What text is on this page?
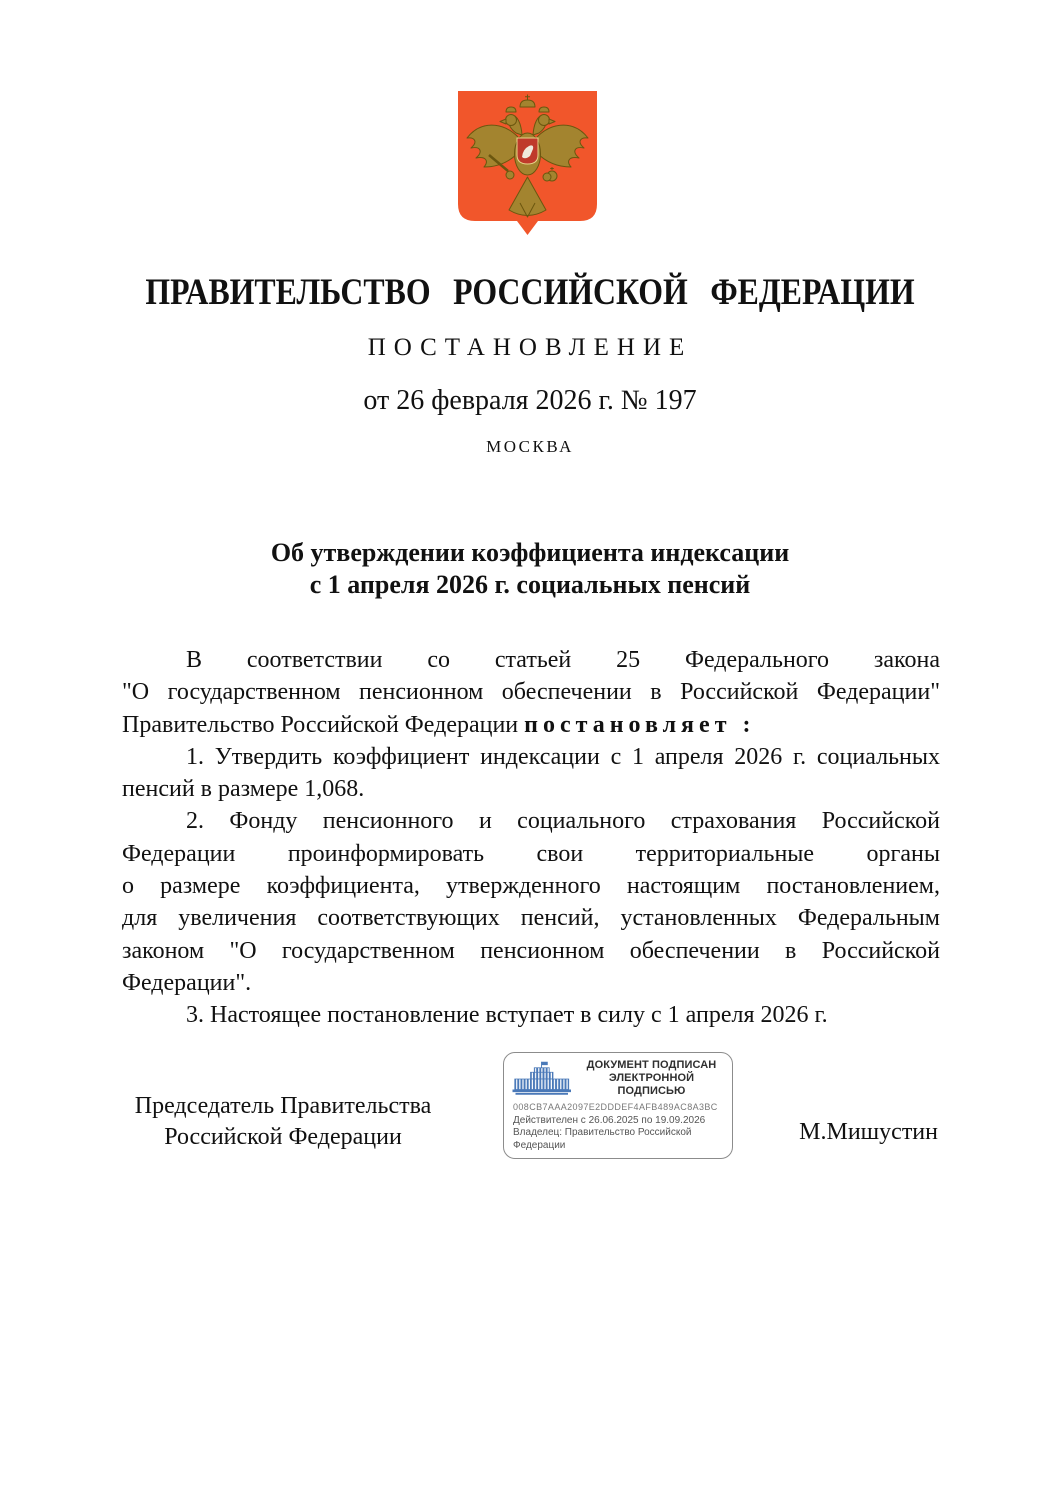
ПРАВИТЕЛЬСТВО РОССИЙСКОЙ ФЕДЕРАЦИИ
ПОСТАНОВЛЕНИЕ
от 26 февраля 2026 г. № 197
МОСКВА
Об утверждении коэффициента индексации
с 1 апреля 2026 г. социальных пенсий
В соответствии со статьей 25 Федерального закона
"О государственном пенсионном обеспечении в Российской Федерации"
Правительство Российской Федерации постановляет :
1. Утвердить коэффициент индексации с 1 апреля 2026 г. социальных
пенсий в размере 1,068.
2. Фонду пенсионного и социального страхования Российской
Федерации проинформировать свои территориальные органы
о размере коэффициента, утвержденного настоящим постановлением,
для увеличения соответствующих пенсий, установленных Федеральным
законом "О государственном пенсионном обеспечении в Российской
Федерации".
3. Настоящее постановление вступает в силу с 1 апреля 2026 г.
ДОКУМЕНТ ПОДПИСАН
ЭЛЕКТРОННОЙ ПОДПИСЬЮ
008CB7AAA2097E2DDDEF4AFB489AC8A3BC
Действителен с 26.06.2025 по 19.09.2026
Владелец: Правительство Российской
Федерации
Председатель Правительства
Российской Федерации	М.Мишустин
